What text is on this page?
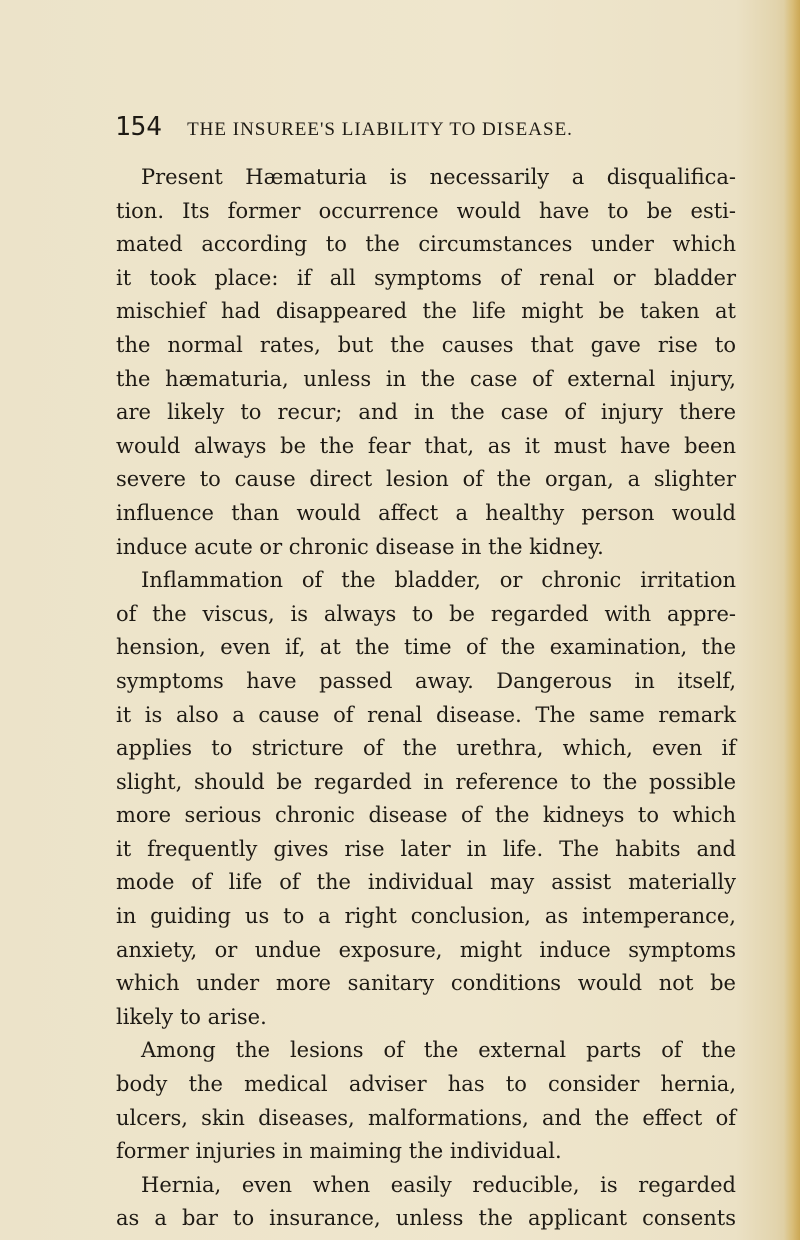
154 THE INSUREE'S LIABILITY TO DISEASE.
Present Hæmaturia is necessarily a disqualifica-
tion. Its former occurrence would have to be esti-
mated according to the circumstances under which
it took place: if all symptoms of renal or bladder
mischief had disappeared the life might be taken at
the normal rates, but the causes that gave rise to
the hæmaturia, unless in the case of external injury,
are likely to recur; and in the case of injury there
would always be the fear that, as it must have been
severe to cause direct lesion of the organ, a slighter
influence than would affect a healthy person would
induce acute or chronic disease in the kidney.
Inflammation of the bladder, or chronic irritation
of the viscus, is always to be regarded with appre-
hension, even if, at the time of the examination, the
symptoms have passed away. Dangerous in itself,
it is also a cause of renal disease. The same remark
applies to stricture of the urethra, which, even if
slight, should be regarded in reference to the possible
more serious chronic disease of the kidneys to which
it frequently gives rise later in life. The habits and
mode of life of the individual may assist materially
in guiding us to a right conclusion, as intemperance,
anxiety, or undue exposure, might induce symptoms
which under more sanitary conditions would not be
likely to arise.
Among the lesions of the external parts of the
body the medical adviser has to consider hernia,
ulcers, skin diseases, malformations, and the effect of
former injuries in maiming the individual.
Hernia, even when easily reducible, is regarded
as a bar to insurance, unless the applicant consents
